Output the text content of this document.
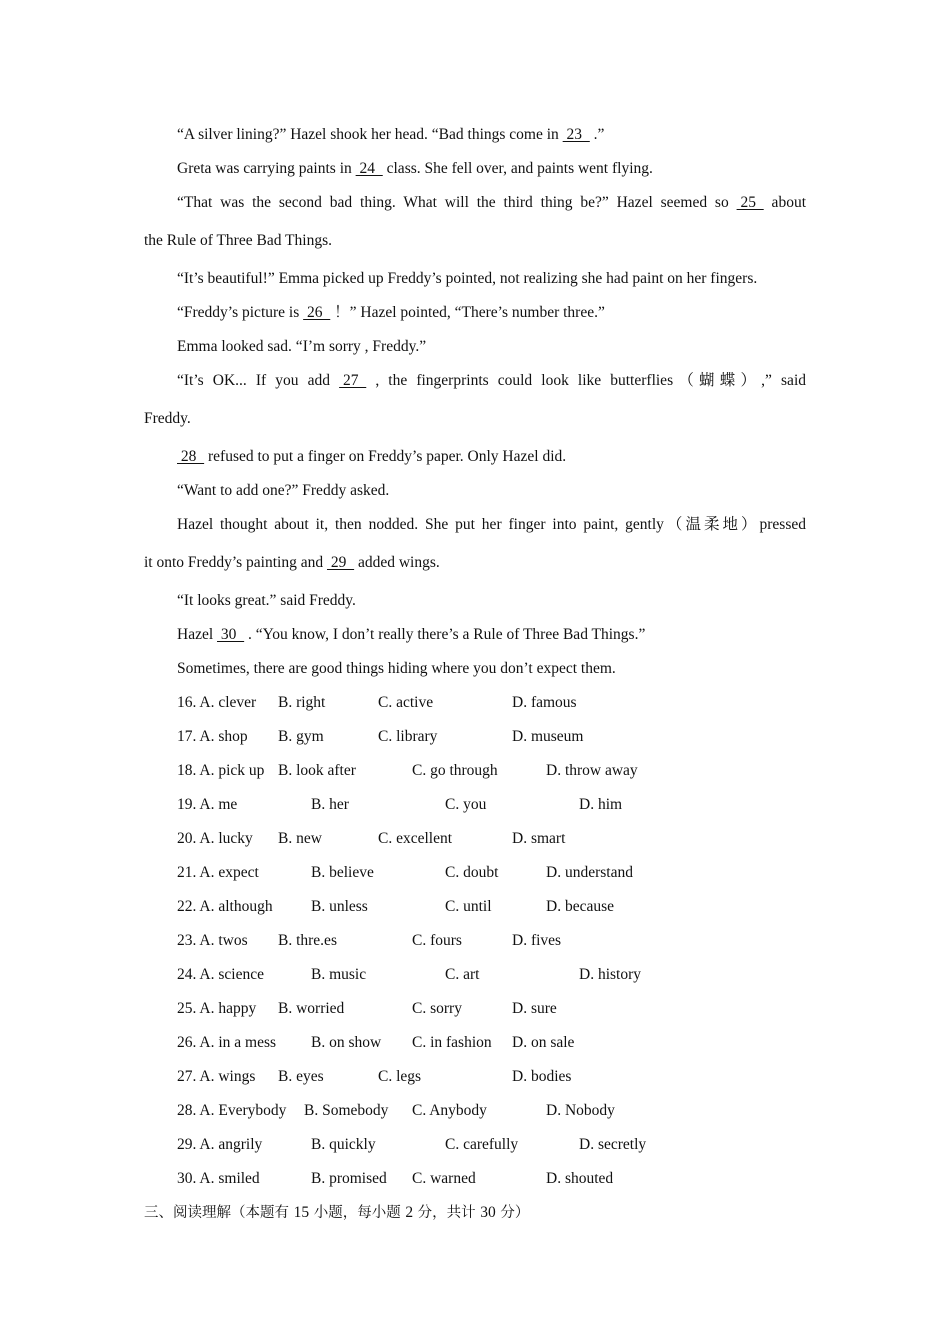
“A silver lining?” Hazel shook her head. “Bad things come in  23   .”
Greta was carrying paints in  24   class. She fell over, and paints went flying.
“That was the second bad thing. What will the third thing be?” Hazel seemed so  25   about
the Rule of Three Bad Things.
“It’s beautiful!” Emma picked up Freddy’s pointed, not realizing she had paint on her fingers.
“Freddy’s picture is  26   ！” Hazel pointed, “There’s number three.”
Emma looked sad. “I’m sorry , Freddy.”
“It’s OK... If you add  27   , the fingerprints could look like butterflies（蝴蝶）,” said
Freddy.
28   refused to put a finger on Freddy’s paper. Only Hazel did.
“Want to add one?” Freddy asked.
Hazel thought about it, then nodded. She put her finger into paint, gently（温柔地）pressed
it onto Freddy’s painting and  29   added wings.
“It looks great.” said Freddy.
Hazel  30   . “You know, I don’t really there’s a Rule of Three Bad Things.”
Sometimes, there are good things hiding where you don’t expect them.
16. A. clever B. right	C. active	D. famous
17. A. shop B. gym	C. library	D. museum
18. A. pick up B. look after	C. go through	D. throw away
19. A. me	B. her	C. you	D. him
20. A. lucky B. new	C. excellent	D. smart
21. A. expect	B. believe	C. doubt	D. understand
22. A. although B. unless	C. until	D. because
23. A. twos B. thre.es	C. fours	D. fives
24. A. science	B. music	C. art	D. history
25. A. happy B. worried	C. sorry	D. sure
26. A. in a mess B. on show C. in fashion D. on sale
27. A. wings B. eyes	C. legs	D. bodies
28. A. Everybody B. Somebody C. Anybody	D. Nobody
29. A. angrily	B. quickly	C. carefully	D. secretly
30. A. smiled	B. promised C. warned	D. shouted
三、阅读理解（本题有 15 小题，每小题 2 分，共计 30 分）
